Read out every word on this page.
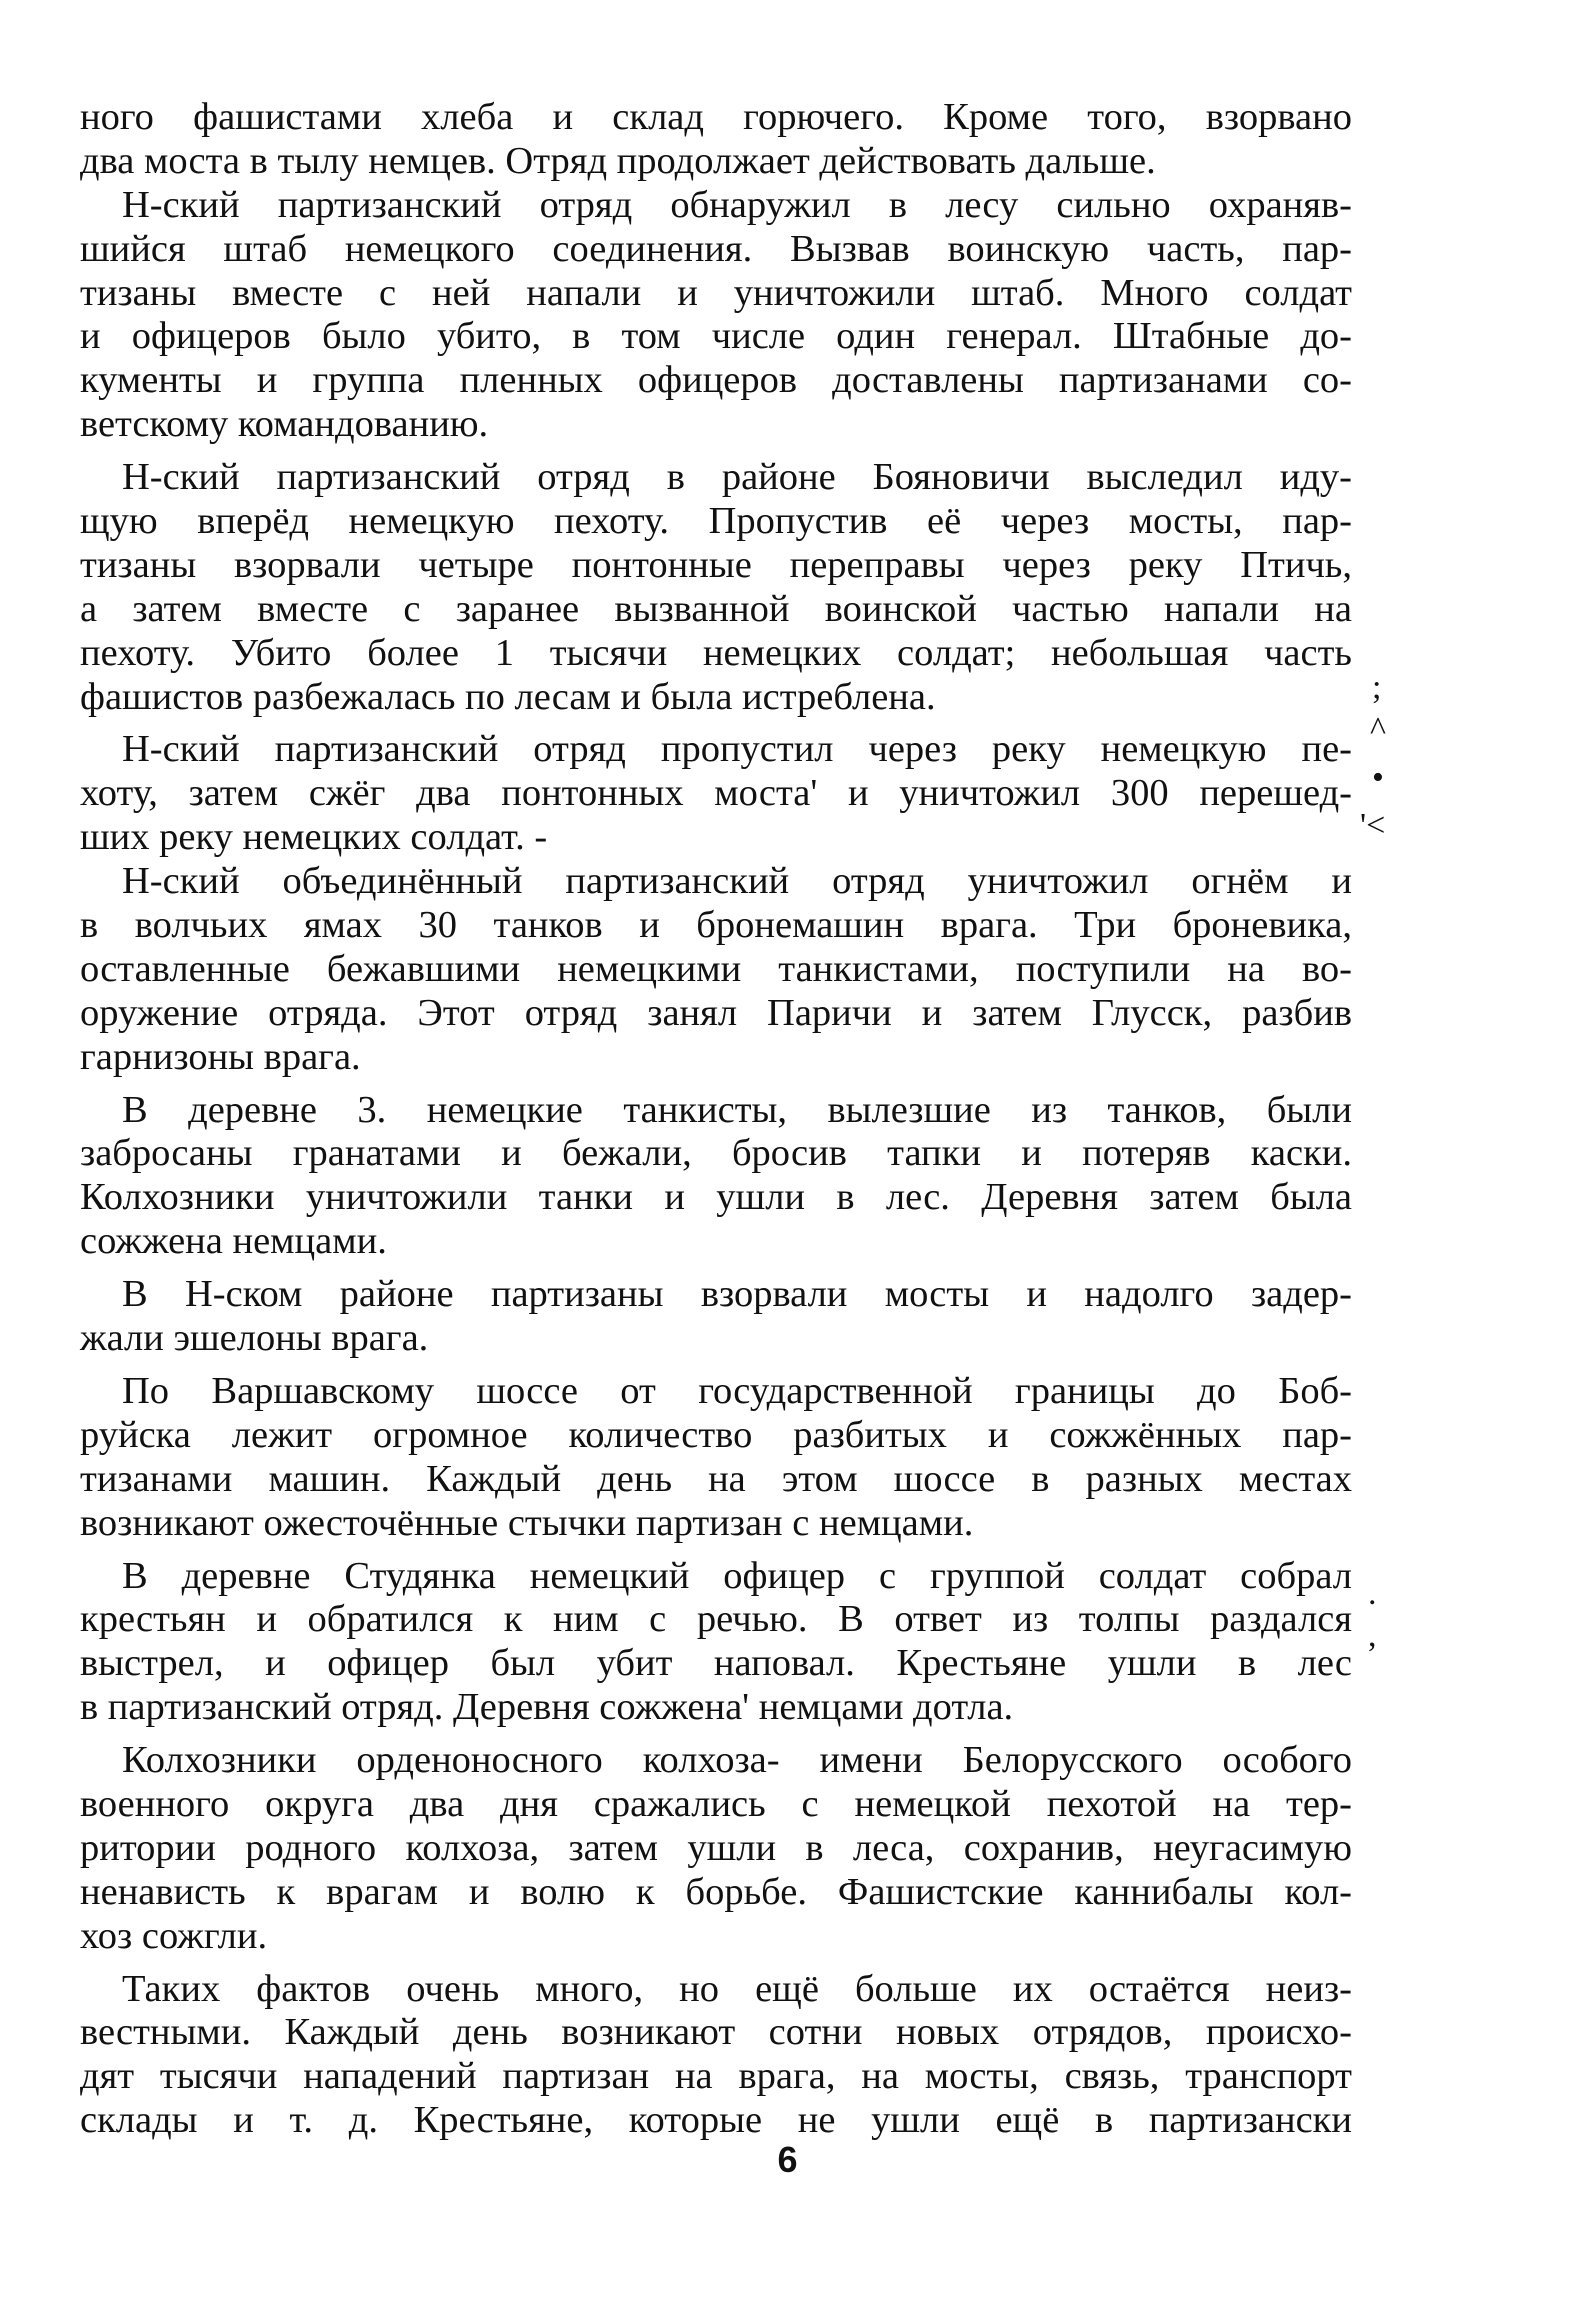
ного фашистами хлеба и склад горючего. Кроме того, взорвано
два моста в тылу немцев. Отряд продолжает действовать дальше.
Н-ский партизанский отряд обнаружил в лесу сильно охраняв-
шийся штаб немецкого соединения. Вызвав воинскую часть, пар-
тизаны вместе с ней напали и уничтожили штаб. Много солдат
и офицеров было убито, в том числе один генерал. Штабные до-
кументы и группа пленных офицеров доставлены партизанами со-
ветскому командованию.
Н-ский партизанский отряд в районе Бояновичи выследил иду-
щую вперёд немецкую пехоту. Пропустив её через мосты, пар-
тизаны взорвали четыре понтонные переправы через реку Птичь,
а затем вместе с заранее вызванной воинской частью напали на
пехоту. Убито более 1 тысячи немецких солдат; небольшая часть
фашистов разбежалась по лесам и была истреблена.
Н-ский партизанский отряд пропустил через реку немецкую пе-
хоту, затем сжёг два понтонных моста' и уничтожил 300 перешед-
ших реку немецких солдат. -
Н-ский объединённый партизанский отряд уничтожил огнём и
в волчьих ямах 30 танков и бронемашин врага. Три броневика,
оставленные бежавшими немецкими танкистами, поступили на во-
оружение отряда. Этот отряд занял Паричи и затем Глусск, разбив
гарнизоны врага.
В деревне 3. немецкие танкисты, вылезшие из танков, были
забросаны гранатами и бежали, бросив тапки и потеряв каски.
Колхозники уничтожили танки и ушли в лес. Деревня затем была
сожжена немцами.
В Н-ском районе партизаны взорвали мосты и надолго задер-
жали эшелоны врага.
По Варшавскому шоссе от государственной границы до Боб-
руйска лежит огромное количество разбитых и сожжённых пар-
тизанами машин. Каждый день на этом шоссе в разных местах
возникают ожесточённые стычки партизан с немцами.
В деревне Студянка немецкий офицер с группой солдат собрал
крестьян и обратился к ним с речью. В ответ из толпы раздался
выстрел, и офицер был убит наповал. Крестьяне ушли в лес
в партизанский отряд. Деревня сожжена' немцами дотла.
Колхозники орденоносного колхоза- имени Белорусского особого
военного округа два дня сражались с немецкой пехотой на тер-
ритории родного колхоза, затем ушли в леса, сохранив, неугасимую
ненависть к врагам и волю к борьбе. Фашистские каннибалы кол-
хоз сожгли.
Таких фактов очень много, но ещё больше их остаётся неиз-
вестными. Каждый день возникают сотни новых отрядов, происхо-
дят тысячи нападений партизан на врага, на мосты, связь, транспорт
склады и т. д. Крестьяне, которые не ушли ещё в партизански
;
^
•
'<
.
,
6
